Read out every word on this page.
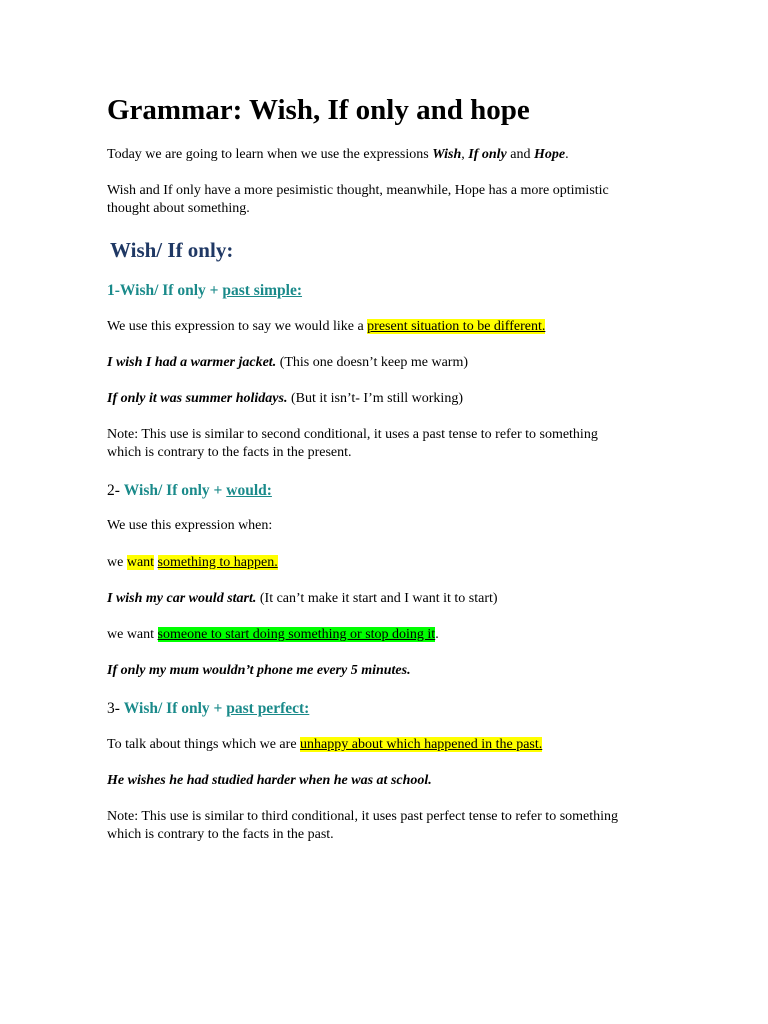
Grammar: Wish, If only and hope

Today we are going to learn when we use the expressions Wish, If only and Hope.

Wish and If only have a more pesimistic thought, meanwhile, Hope has a more optimistic
thought about something.

Wish/ If only:
1-Wish/ If only + past simple:

We use this expression to say we would like a present situation to be different.

I wish I had a warmer jacket. (This one doesn’t keep me warm)

If only it was summer holidays. (But it isn’t- I’m still working)

Note: This use is similar to second conditional, it uses a past tense to refer to something
which is contrary to the facts in the present.

2- Wish/ If only + would:

We use this expression when:

we want something to happen.

I wish my car would start. (It can’t make it start and I want it to start)

we want someone to start doing something or stop doing it.

If only my mum wouldn’t phone me every 5 minutes.

3- Wish/ If only + past perfect:

To talk about things which we are unhappy about which happened in the past.

He wishes he had studied harder when he was at school.

Note: This use is similar to third conditional, it uses past perfect tense to refer to something
which is contrary to the facts in the past.
